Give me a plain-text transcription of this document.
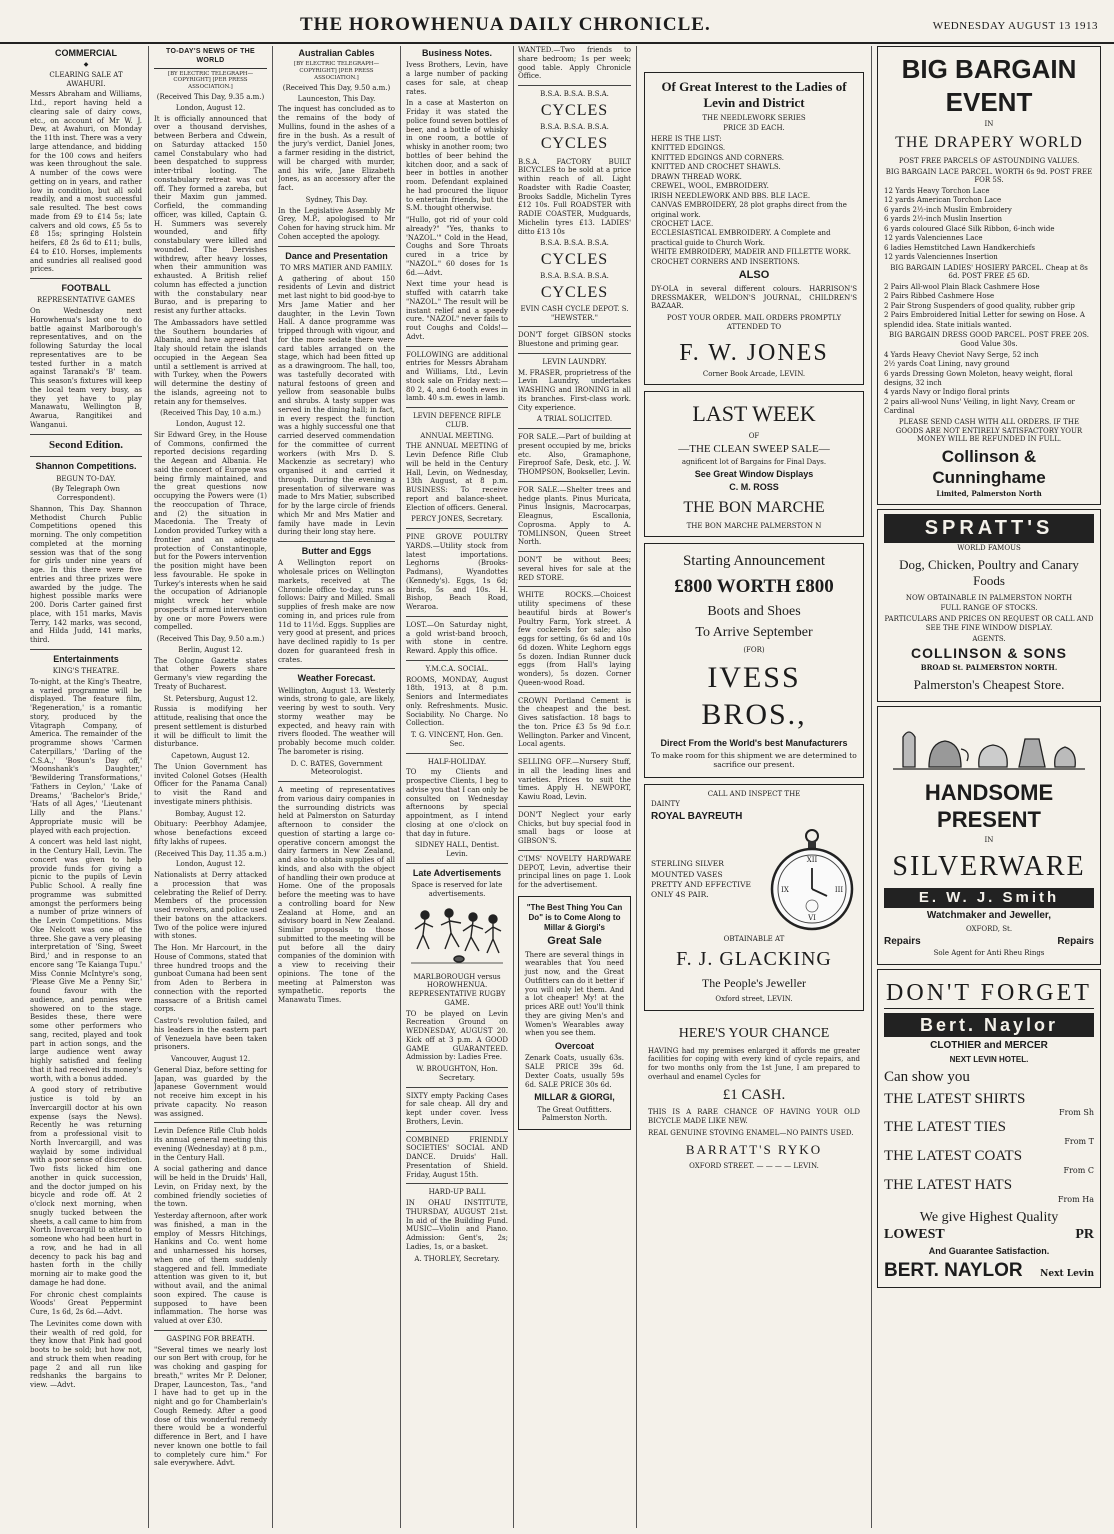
THE HOROWHENUA DAILY CHRONICLE.	WEDNESDAY AUGUST 13 1913
COMMERCIAL
◆
CLEARING SALE AT AWAHURI.

Messrs Abraham and Williams, Ltd., report having held a clearing sale of dairy cows, etc., on account of Mr W. J. Dew, at Awahuri, on Monday the 11th inst. There was a very large attendance, and bidding for the 100 cows and heifers was keen throughout the sale. A number of the cows were getting on in years, and rather low in condition, but all sold readily, and a most successful sale resulted. The best cows made from £9 to £14 5s; late calvers and old cows, £5 5s to £8 15s; springing Holstein heifers, £8 2s 6d to £11; bulls, £4 to £10. Horses, implements and sundries all realised good prices.

FOOTBALL
REPRESENTATIVE GAMES

On Wednesday next Horowhenua's last one to do battle against Marlborough's representatives, and on the following Saturday the local representatives are to be tested further in a match against Taranaki's 'B' team. This season's fixtures will keep the local team very busy, as they yet have to play Manawatu, Wellington B, Awarua, Rangitikei and Wanganui.

Second Edition.
Shannon Competitions.
BEGUN TO-DAY.
(By Telegraph Own Correspondent).

Shannon, This Day. Shannon Methodist Church Public Competitions opened this morning. The only competition completed at the morning session was that of the song for girls under nine years of age. In this there were five entries and three prizes were awarded by the judge. The highest possible marks were 200. Doris Carter gained first place, with 151 marks, Mavis Terry, 142 marks, was second, and Hilda Judd, 141 marks, third.

Entertainments
KING'S THEATRE.

To-night, at the King's Theatre, a varied programme will be displayed. The feature film, 'Regeneration,' is a romantic story, produced by the Vitagraph Company, of America. The remainder of the programme shows 'Carmen Caterpillars,' 'Darling of the C.S.A.,' 'Bosun's Day off,' 'Moonshank's Daughter,' 'Bewildering Transformations,' 'Fathers in Ceylon,' 'Lake of Dreams,' 'Bachelor's Bride,' 'Hats of all Ages,' 'Lieutenant Lilly and the Plans.' Appropriate music will be played with each projection.

A concert was held last night, in the Century Hall, Levin. The concert was given to help provide funds for giving a picnic to the pupils of Levin Public School. A really fine programme was submitted amongst the performers being a number of prize winners of the Levin Competitions. Miss Oke Nelcott was one of the three. She gave a very pleasing interpretation of 'Sing, Sweet Bird,' and in response to an encore sang 'Te Kaianga Tupu.' Miss Connie McIntyre's song, 'Please Give Me a Penny Sir,' found favour with the audience, and pennies were showered on to the stage. Besides these, there were some other performers who sang, recited, played and took part in action songs, and the large audience went away highly satisfied and feeling that it had received its money's worth, with a bonus added.

A good story of retributive justice is told by an Invercargill doctor at his own expense (says the News). Recently he was returning from a professional visit to North Invercargill, and was waylaid by some individual with a poor sense of discretion. Two fists licked him one another in quick succession, and the doctor jumped on his bicycle and rode off. At 2 o'clock next morning, when snugly tucked between the sheets, a call came to him from North Invercargill to attend to someone who had been hurt in a row, and he had in all decency to pack his bag and hasten forth in the chilly morning air to make good the damage he had done.

For chronic chest complaints Woods' Great Peppermint Cure, 1s 6d, 2s 6d.—Advt.

The Levinites come down with their wealth of red gold, for they know that Pink had good boots to be sold; but how not, and struck them when reading page 2 and all run like redshanks the bargains to view. —Advt.

TO-DAY'S NEWS OF THE WORLD
[BY ELECTRIC TELEGRAPH—COPYRIGHT] [PER PRESS ASSOCIATION.]
(Received This Day, 9.35 a.m.)
London, August 12.

It is officially announced that over a thousand dervishes, between Berbera and Cdwein, on Saturday attacked 150 camel Constabulary who had been despatched to suppress inter-tribal looting. The constabulary retreat was cut off. They formed a zareba, but their Maxim gun jammed. Corfield, the commanding officer, was killed, Captain G. H. Summers was severely wounded, and fifty constabulary were killed and wounded. The Dervishes withdrew, after heavy losses, when their ammunition was exhausted. A British relief column has effected a junction with the constabulary near Burao, and is preparing to resist any further attacks.

The Ambassadors have settled the Southern boundaries of Albania, and have agreed that Italy should retain the islands occupied in the Aegean Sea until a settlement is arrived at with Turkey, when the Powers will determine the destiny of the islands, agreeing not to retain any for themselves.

(Received This Day, 10 a.m.)
London, August 12.

Sir Edward Grey, in the House of Commons, confirmed the reported decisions regarding the Aegean and Albania. He said the concert of Europe was being firmly maintained, and the great questions now occupying the Powers were (1) the reoccupation of Thrace, and (2) the situation in Macedonia. The Treaty of London provided Turkey with a frontier and an adequate protection of Constantinople, but for the Powers intervention the position might have been less favourable. He spoke in Turkey's interests when he said the occupation of Adrianople might wreck her whole prospects if armed intervention by one or more Powers were compelled.

(Received This Day, 9.50 a.m.)
Berlin, August 12.

The Cologne Gazette states that other Powers share Germany's view regarding the Treaty of Bucharest.

St. Petersburg, August 12.

Russia is modifying her attitude, realising that once the present settlement is disturbed it will be difficult to limit the disturbance.

Capetown, August 12.

The Union Government has invited Colonel Gotses (Health Officer for the Panama Canal) to visit the Rand and investigate miners phthisis.

Bombay, August 12.

Obituary: Peerbhoy Adamjee, whose benefactions exceed fifty lakhs of rupees.

(Received This Day, 11.35 a.m.)
London, August 12.

Nationalists at Derry attacked a procession that was celebrating the Relief of Derry. Members of the procession used revolvers, and police used their batons on the attackers. Two of the police were injured with stones.

The Hon. Mr Harcourt, in the House of Commons, stated that three hundred troops and the gunboat Cumana had been sent from Aden to Berbera in connection with the reported massacre of a British camel corps.

Castro's revolution failed, and his leaders in the eastern part of Venezuela have been taken prisoners.

Vancouver, August 12.

General Diaz, before setting for Japan, was guarded by the Japanese Government would not receive him except in his private capacity. No reason was assigned.

Levin Defence Rifle Club holds its annual general meeting this evening (Wednesday) at 8 p.m., in the Century Hall.

A social gathering and dance will be held in the Druids' Hall, Levin, on Friday next, by the combined friendly societies of the town.

Yesterday afternoon, after work was finished, a man in the employ of Messrs Hitchings, Hankins and Co. went home and unharnessed his horses, when one of them suddenly staggered and fell. Immediate attention was given to it, but without avail, and the animal soon expired. The cause is supposed to have been inflammation. The horse was valued at over £30.

GASPING FOR BREATH.

"Several times we nearly lost our son Bert with croup, for he was choking and gasping for breath," writes Mr P. Deloner, Draper, Launceston, Tas., "and I have had to get up in the night and go for Chamberlain's Cough Remedy. After a good dose of this wonderful remedy there would be a wonderful difference in Bert, and I have never known one bottle to fail to completely cure him." For sale everywhere. Advt.

Australian Cables
[BY ELECTRIC TELEGRAPH—COPYRIGHT] [PER PRESS ASSOCIATION.]
(Received This Day, 9.50 a.m.)
Launceston, This Day.

The inquest has concluded as to the remains of the body of Mullins, found in the ashes of a fire in the bush. As a result of the jury's verdict, Daniel Jones, a farmer residing in the district, will be charged with murder, and his wife, Jane Elizabeth Jones, as an accessory after the fact.

Sydney, This Day.

In the Legislative Assembly Mr Grey, M.P., apologised to Mr Cohen for having struck him. Mr Cohen accepted the apology.

Dance and Presentation
TO MRS MATIER AND FAMILY.

A gathering of about 150 residents of Levin and district met last night to bid good-bye to Mrs Jame Matier and her daughter, in the Levin Town Hall. A dance programme was tripped through with vigour, and for the more sedate there were card tables arranged on the stage, which had been fitted up as a drawingroom. The hall, too, was tastefully decorated with natural festoons of green and yellow from seasonable bulbs and shrubs. A tasty supper was served in the dining hall; in fact, in every respect the function was a highly successful one that carried deserved commendation for the committee of current workers (with Mrs D. S. Mackenzie as secretary) who organised it and carried it through. During the evening a presentation of silverware was made to Mrs Matier, subscribed for by the large circle of friends which Mr and Mrs Matier and family have made in Levin during their long stay here.

Butter and Eggs

A Wellington report on wholesale prices on Wellington markets, received at The Chronicle office to-day, runs as follows: Dairy and Milled. Small supplies of fresh make are now coming in, and prices rule from 11d to 11½d. Eggs. Supplies are very good at present, and prices have declined rapidly to 1s per dozen for guaranteed fresh in crates.

Weather Forecast.

Wellington, August 13. Westerly winds, strong to gale, are likely, veering by west to south. Very stormy weather may be expected, and heavy rain with rivers flooded. The weather will probably become much colder. The barometer is rising.

D. C. BATES, Government Meteorologist.

A meeting of representatives from various dairy companies in the surrounding districts was held at Palmerston on Saturday afternoon to consider the question of starting a large co-operative concern amongst the dairy farmers in New Zealand, and also to obtain supplies of all kinds, and also with the object of handling their own produce at Home. One of the proposals before the meeting was to have a controlling board for New Zealand at Home, and an advisory board in New Zealand. Similar proposals to those submitted to the meeting will be put before all the dairy companies of the dominion with a view to receiving their opinions. The tone of the meeting at Palmerston was sympathetic. reports the Manawatu Times.

Business Notes.

Ivess Brothers, Levin, have a large number of packing cases for sale, at cheap rates.

In a case at Masterton on Friday it was stated the police found seven bottles of beer, and a bottle of whisky in one room, a bottle of whisky in another room; two bottles of beer behind the kitchen door, and a sack of beer in bottles in another room. Defendant explained he had procured the liquor to entertain friends, but the S.M. thought otherwise.

"Hullo, got rid of your cold already?" "Yes, thanks to 'NAZOL.'" Cold in the Head, Coughs and Sore Throats cured in a trice by "NAZOL." 60 doses for 1s 6d.—Advt.

Next time your head is stuffed with catarrh take "NAZOL." The result will be instant relief and a speedy cure. "NAZOL" never fails to rout Coughs and Colds!—Advt.

FOLLOWING are additional entries for Messrs Abraham and Williams, Ltd., Levin stock sale on Friday next:— 80 2, 4, and 6-tooth ewes in lamb. 40 s.m. ewes in lamb.

LEVIN DEFENCE RIFLE CLUB.
ANNUAL MEETING.

THE ANNUAL MEETING of Levin Defence Rifle Club will be held in the Century Hall, Levin, on Wednesday, 13th August, at 8 p.m. BUSINESS: To receive report and balance-sheet. Election of officers. General.

PERCY JONES, Secretary.

PINE GROVE POULTRY YARDS.—Utility stock from latest importations. Leghorns (Brooks-Padmans), Wyandottes (Kennedy's). Eggs, 1s 6d; birds, 5s and 10s. H. Bishop, Beach Road, Weraroa.

LOST.—On Saturday night, a gold wrist-band brooch, with stone in centre. Reward. Apply this office.

Y.M.C.A. SOCIAL.

ROOMS, MONDAY, August 18th, 1913, at 8 p.m. Seniors and Intermediates only. Refreshments. Music. Sociability. No Charge. No Collection.

T. G. VINCENT, Hon. Gen. Sec.
HALF-HOLIDAY.

TO my Clients and prospective Clients, I beg to advise you that I can only be consulted on Wednesday afternoons by special appointment, as I intend closing at one o'clock on that day in future.

SIDNEY HALL, Dentist. Levin.
Late Advertisements
Space is reserved for late advertisements.
MARLBOROUGH versus HOROWHENUA. REPRESENTATIVE RUGBY GAME.

TO be played on Levin Recreation Ground on WEDNESDAY, AUGUST 20. Kick off at 3 p.m. A GOOD GAME GUARANTEED. Admission by: Ladies Free.

W. BROUGHTON, Hon. Secretary.

SIXTY empty Packing Cases for sale cheap. All dry and kept under cover. Ivess Brothers, Levin.

COMBINED FRIENDLY SOCIETIES' SOCIAL AND DANCE. Druids' Hall. Presentation of Shield. Friday, August 15th.

HARD-UP BALL

IN OHAU INSTITUTE, THURSDAY, AUGUST 21st. In aid of the Building Fund. MUSIC—Violin and Piano. Admission: Gent's, 2s; Ladies, 1s, or a basket.

A. THORLEY, Secretary.

WANTED.—Two friends to share bedroom; 1s per week; good table. Apply Chronicle Office.

B.S.A. B.S.A. B.S.A.
CYCLES
B.S.A. B.S.A. B.S.A.
CYCLES

B.S.A. FACTORY BUILT BICYCLES to be sold at a price within reach of all. Light Roadster with Radie Coaster, Brooks Saddle, Michelin Tyres £12 10s. Full ROADSTER with RADIE COASTER, Mudguards, Michelin tyres £13. LADIES' ditto £13 10s

B.S.A. B.S.A. B.S.A.
CYCLES
B.S.A. B.S.A. B.S.A.
CYCLES
EVIN CASH CYCLE DEPOT. S. "HEWSTER."

DON'T forget GIBSON stocks Bluestone and priming gear.

LEVIN LAUNDRY.

M. FRASER, proprietress of the Levin Laundry, undertakes WASHING and IRONING in all its branches. First-class work. City experience.

A TRIAL SOLICITED.

FOR SALE.—Part of building at present occupied by me, bricks etc. Also, Gramaphone, Fireproof Safe, Desk, etc. J. W. THOMPSON, Bookseller, Levin.

FOR SALE.—Shelter trees and hedge plants. Pinus Muricata, Pinus Insignis, Macrocarpas, Eleagnus, Escallonia, Coprosma. Apply to A. TOMLINSON, Queen Street North.

DON'T be without Bees; several hives for sale at the RED STORE.

WHITE ROCKS.—Choicest utility specimens of these beautiful birds at Bower's Poultry Farm, York street. A few cockerels for sale; also eggs for setting, 6s 6d and 10s 6d dozen. White Leghorn eggs 5s dozen. Indian Runner duck eggs (from Hall's laying wonders), 5s dozen. Corner Queen-wood Road.

CROWN Portland Cement is the cheapest and the best. Gives satisfaction. 18 bags to the ton. Price £3 5s 9d f.o.r. Wellington. Parker and Vincent, Local agents.

SELLING OFF.—Nursery Stuff, in all the leading lines and varieties. Prices to suit the times. Apply H. NEWPORT, Kawiu Road, Levin.

DON'T Neglect your early Chicks, but buy special food in small bags or loose at GIBSON'S.

C'IMS' NOVELTY HARDWARE DEPOT, Levin, advertise their principal lines on page 1. Look for the advertisement.

"The Best Thing You Can Do" is to Come Along to Millar & Giorgi's
Great Sale

There are several things in wearables that You need just now, and the Great Outfitters can do it better if you will only let them. And a lot cheaper! My! at the prices ARE out! You'll think they are giving Men's and Women's Wearables away when you see them.

Overcoat

Zenark Coats, usually 63s. SALE PRICE 39s 6d. Dexter Coats, usually 59s 6d. SALE PRICE 30s 6d.

MILLAR & GIORGI,
The Great Outfitters. Palmerston North.
Of Great Interest to the Ladies of Levin and District
THE NEEDLEWORK SERIES
PRICE 3D EACH.
HERE IS THE LIST:
KNITTED EDGINGS.
KNITTED EDGINGS AND CORNERS.
KNITTED AND CROCHET SHAWLS.
DRAWN THREAD WORK.
CREWEL, WOOL, EMBROIDERY.
IRISH NEEDLEWORK AND BBS. BLE LACE.
CANVAS EMBROIDERY, 28 plot graphs direct from the original work.
CROCHET LACE.
ECCLESIASTICAL EMBROIDERY. A Complete and practical guide to Church Work.
WHITE EMBROIDERY, MADEIR AND FILLETTE WORK.
CROCHET CORNERS AND INSERTIONS.
ALSO

DY-OLA in several different colours. HARRISON'S DRESSMAKER, WELDON'S JOURNAL, CHILDREN'S BAZAAR.

POST YOUR ORDER. MAIL ORDERS PROMPTLY ATTENDED TO
F. W. JONES
Corner Book Arcade, LEVIN.
LAST WEEK
OF
—THE CLEAN SWEEP SALE—
agnificent lot of Bargains for Final Days.
See Great Window Displays
C. M. ROSS
THE BON MARCHE
THE BON MARCHE PALMERSTON N
Starting Announcement
£800 WORTH £800
Boots and Shoes
To Arrive September
(FOR)
IVESS BROS.,
Direct From the World's best Manufacturers

To make room for this shipment we are determined to sacrifice our present.

CALL AND INSPECT THE
DAINTY
ROYAL BAYREUTH
STERLING SILVER
MOUNTED VASES
PRETTY AND EFFECTIVE
ONLY 4S PAIR.
XII
III
VI
IX
OBTAINABLE AT
F. J. GLACKING
The People's Jeweller
Oxford street, LEVIN.
HERE'S YOUR CHANCE

HAVING had my premises enlarged it affords me greater facilities for coping with every kind of cycle repairs, and for two months only from the 1st June, I am prepared to overhaul and enamel Cycles for

£1 CASH.

THIS IS A RARE CHANCE OF HAVING YOUR OLD BICYCLE MADE LIKE NEW.

REAL GENUINE STOVING ENAMEL—NO PAINTS USED.

BARRATT'S RYKO
OXFORD STREET. — — — — LEVIN.
BIG BARGAIN EVENT
IN
THE DRAPERY WORLD
POST FREE PARCELS OF ASTOUNDING VALUES.
BIG BARGAIN LACE PARCEL. WORTH 6s 9d. POST FREE FOR 5S.
12 Yards Heavy Torchon Lace
12 yards American Torchon Lace
6 yards 2½-inch Muslin Embroidery
6 yards 2½-inch Muslin Insertion
6 yards coloured Glacé Silk Ribbon, 6-inch wide
12 yards Valenciennes Lace
6 ladies Hemstitched Lawn Handkerchiefs
12 yards Valenciennes Insertion
BIG BARGAIN LADIES' HOSIERY PARCEL. Cheap at 8s 6d. POST FREE £5 6D.
2 Pairs All-wool Plain Black Cashmere Hose
2 Pairs Ribbed Cashmere Hose
2 Pair Strong Suspenders of good quality, rubber grip
2 Pairs Embroidered Initial Letter for sewing on Hose. A splendid idea. State initials wanted.
BIG BARGAIN DRESS GOOD PARCEL. POST FREE 20S. Good Value 30s.
4 Yards Heavy Cheviot Navy Serge, 52 inch
2½ yards Coat Lining, navy ground
6 yards Dressing Gown Moleton, heavy weight, floral designs, 32 inch
4 yards Navy or Indigo floral prints
2 pairs all-wool Nuns' Veiling, in light Navy, Cream or Cardinal
PLEASE SEND CASH WITH ALL ORDERS. IF THE GOODS ARE NOT ENTIRELY SATISFACTORY YOUR MONEY WILL BE REFUNDED IN FULL.
Collinson & Cunninghame
Limited, Palmerston North
SPRATT'S
WORLD FAMOUS
Dog, Chicken, Poultry and Canary Foods
NOW OBTAINABLE IN PALMERSTON NORTH
FULL RANGE OF STOCKS.
PARTICULARS AND PRICES ON REQUEST OR CALL AND SEE THE FINE WINDOW DISPLAY.
AGENTS.
COLLINSON & SONS
BROAD St. PALMERSTON NORTH.
Palmerston's Cheapest Store.
HANDSOME PRESENT
IN
SILVERWARE
E. W. J. Smith
Watchmaker and Jeweller,
OXFORD, St.
Repairs	Repairs
Sole Agent for Anti Rheu Rings
DON'T FORGET
Bert. Naylor
CLOTHIER and MERCER
NEXT LEVIN HOTEL.
Can show you
THE LATEST SHIRTS
From Sh
THE LATEST TIES
From T
THE LATEST COATS
From C
THE LATEST HATS
From Ha
We give Highest Quality
LOWEST	PR
And Guarantee Satisfaction.
BERT. NAYLOR Next Levin
